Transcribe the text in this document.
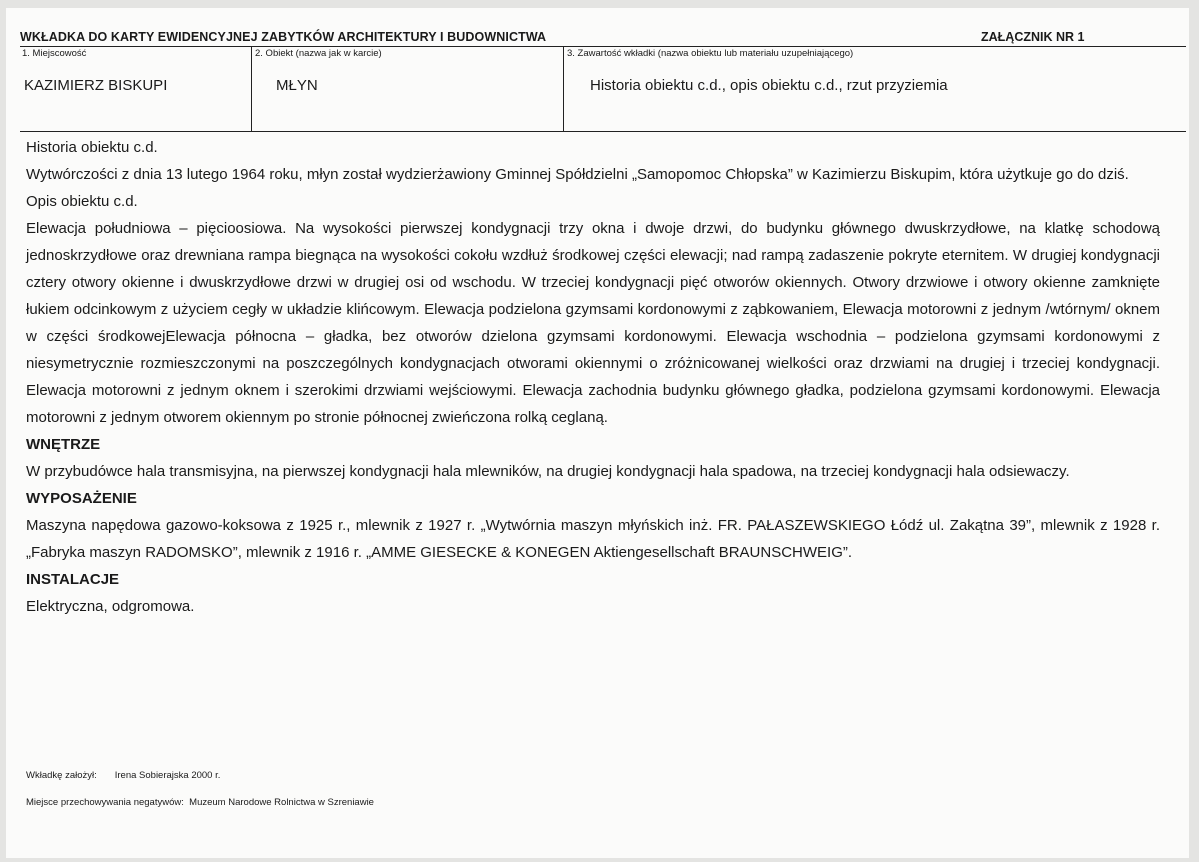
WKŁADKA DO KARTY EWIDENCYJNEJ ZABYTKÓW ARCHITEKTURY I BUDOWNICTWA	ZAŁĄCZNIK NR 1
1. Miejscowość
KAZIMIERZ BISKUPI
2. Obiekt (nazwa jak w karcie)
MŁYN
3. Zawartość wkładki (nazwa obiektu lub materiału uzupełniającego)
Historia obiektu c.d., opis obiektu c.d., rzut przyziemia

Historia obiektu c.d.

Wytwórczości z dnia 13 lutego 1964 roku, młyn został wydzierżawiony Gminnej Spółdzielni „Samopomoc Chłopska” w Kazimierzu Biskupim, która użytkuje go do dziś.

Opis obiektu c.d.

Elewacja południowa – pięcioosiowa. Na wysokości pierwszej kondygnacji trzy okna i dwoje drzwi, do budynku głównego dwuskrzydłowe, na klatkę schodową jednoskrzydłowe oraz drewniana rampa biegnąca na wysokości cokołu wzdłuż środkowej części elewacji; nad rampą zadaszenie pokryte eternitem. W drugiej kondygnacji cztery otwory okienne i dwuskrzydłowe drzwi w drugiej osi od wschodu. W trzeciej kondygnacji pięć otworów okiennych. Otwory drzwiowe i otwory okienne zamknięte łukiem odcinkowym z użyciem cegły w układzie klińcowym. Elewacja podzielona gzymsami kordonowymi z ząbkowaniem, Elewacja motorowni z jednym /wtórnym/ oknem w części środkowejElewacja północna – gładka, bez otworów dzielona gzymsami kordonowymi. Elewacja wschodnia – podzielona gzymsami kordonowymi z niesymetrycznie rozmieszczonymi na poszczególnych kondygnacjach otworami okiennymi o zróżnicowanej wielkości oraz drzwiami na drugiej i trzeciej kondygnacji. Elewacja motorowni z jednym oknem i szerokimi drzwiami wejściowymi. Elewacja zachodnia budynku głównego gładka, podzielona gzymsami kordonowymi. Elewacja motorowni z jednym otworem okiennym po stronie północnej zwieńczona rolką ceglaną.

WNĘTRZE

W przybudówce hala transmisyjna, na pierwszej kondygnacji hala mlewników, na drugiej kondygnacji hala spadowa, na trzeciej kondygnacji hala odsiewaczy.

WYPOSAŻENIE

Maszyna napędowa gazowo-koksowa z 1925 r., mlewnik z 1927 r. „Wytwórnia maszyn młyńskich inż. FR. PAŁASZEWSKIEGO Łódź ul. Zakątna 39”, mlewnik z 1928 r. „Fabryka maszyn RADOMSKO”, mlewnik z 1916 r. „AMME GIESECKE & KONEGEN Aktiengesellschaft BRAUNSCHWEIG”.

INSTALACJE

Elektryczna, odgromowa.

Wkładkę założył: Irena Sobierajska 2000 r.
Miejsce przechowywania negatywów: Muzeum Narodowe Rolnictwa w Szreniawie
